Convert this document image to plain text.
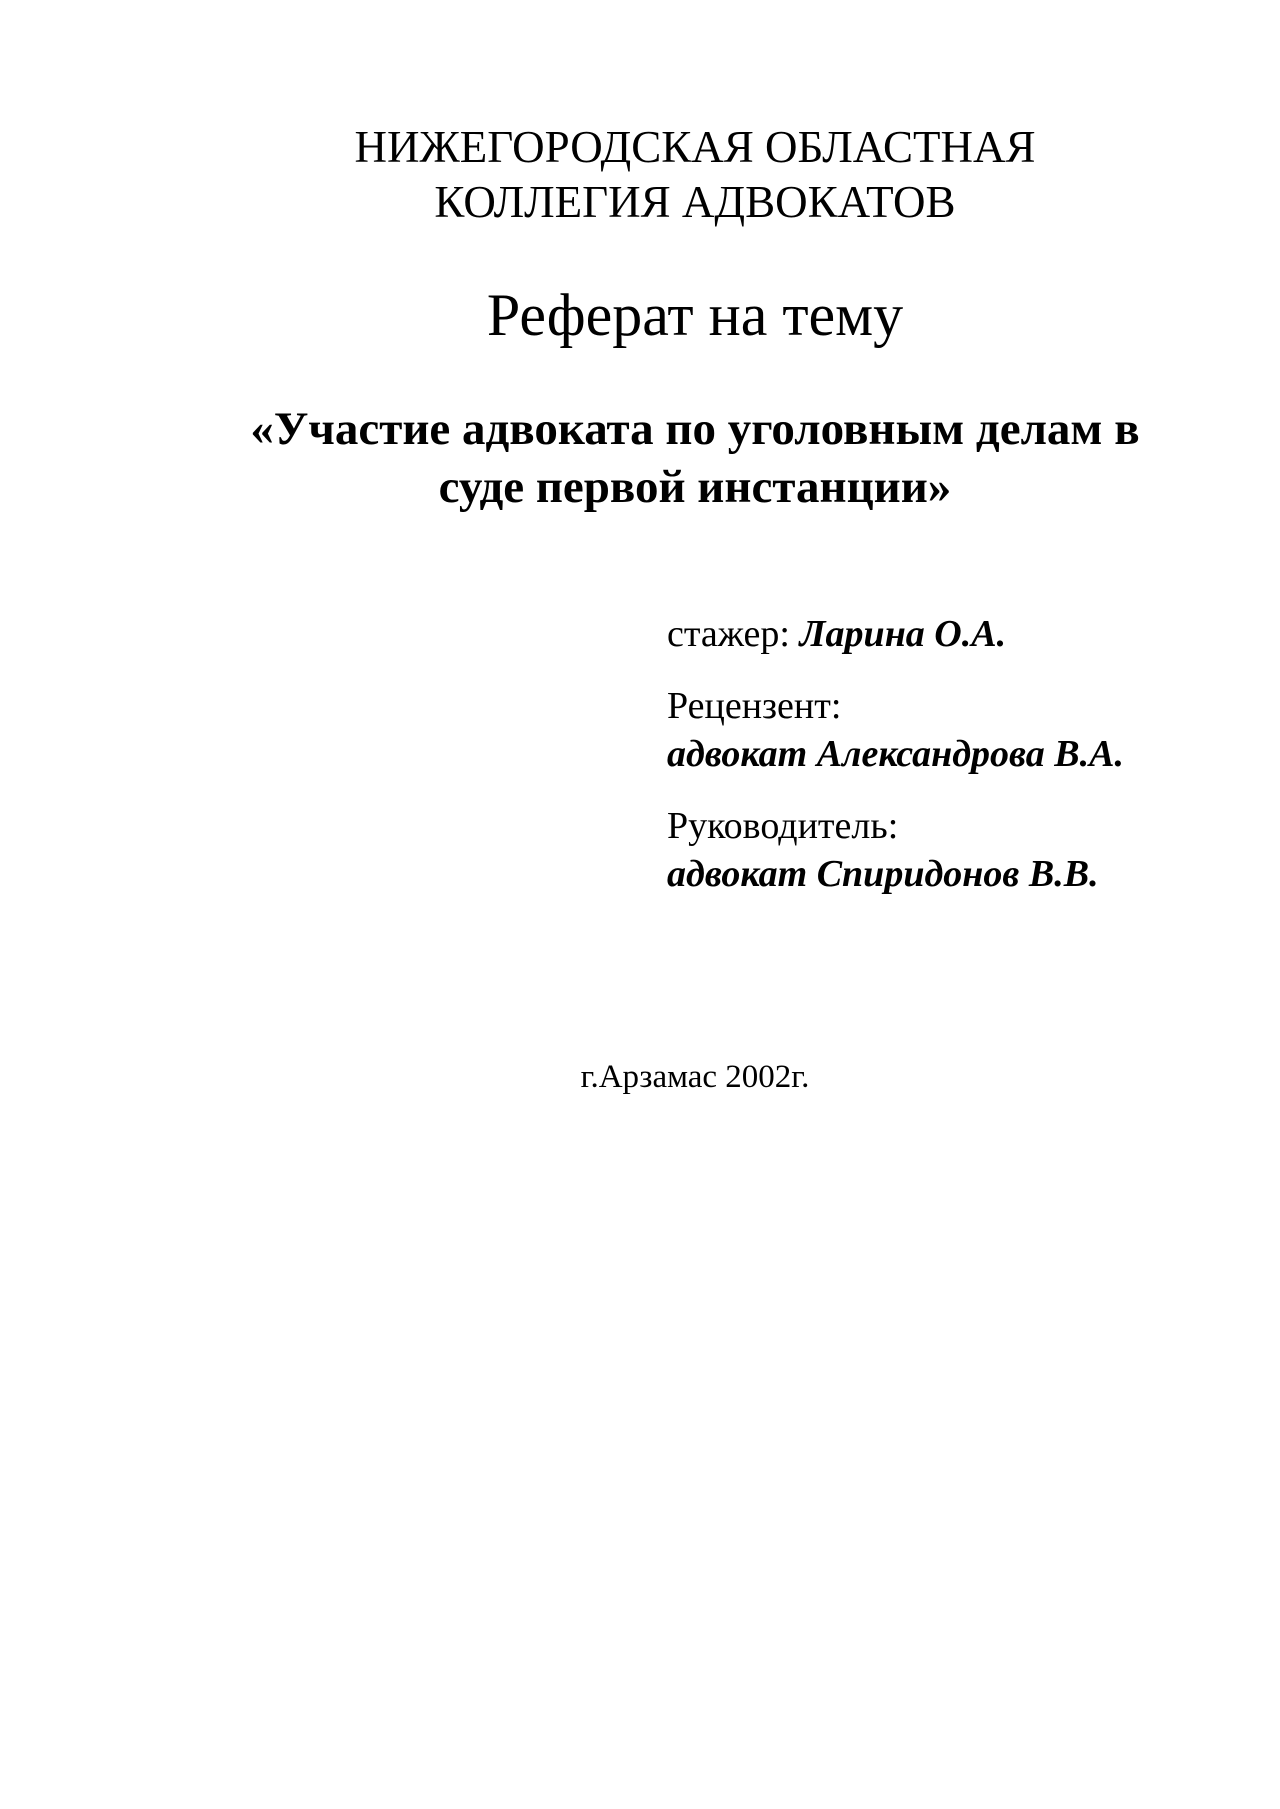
НИЖЕГОРОДСКАЯ ОБЛАСТНАЯ
КОЛЛЕГИЯ АДВОКАТОВ
Реферат на тему
«Участие адвоката по уголовным делам в
суде первой инстанции»

стажер: Ларина О.А.

Рецензент:
адвокат Александрова В.А.

Руководитель:
адвокат Спиридонов В.В.

г.Арзамас 2002г.
